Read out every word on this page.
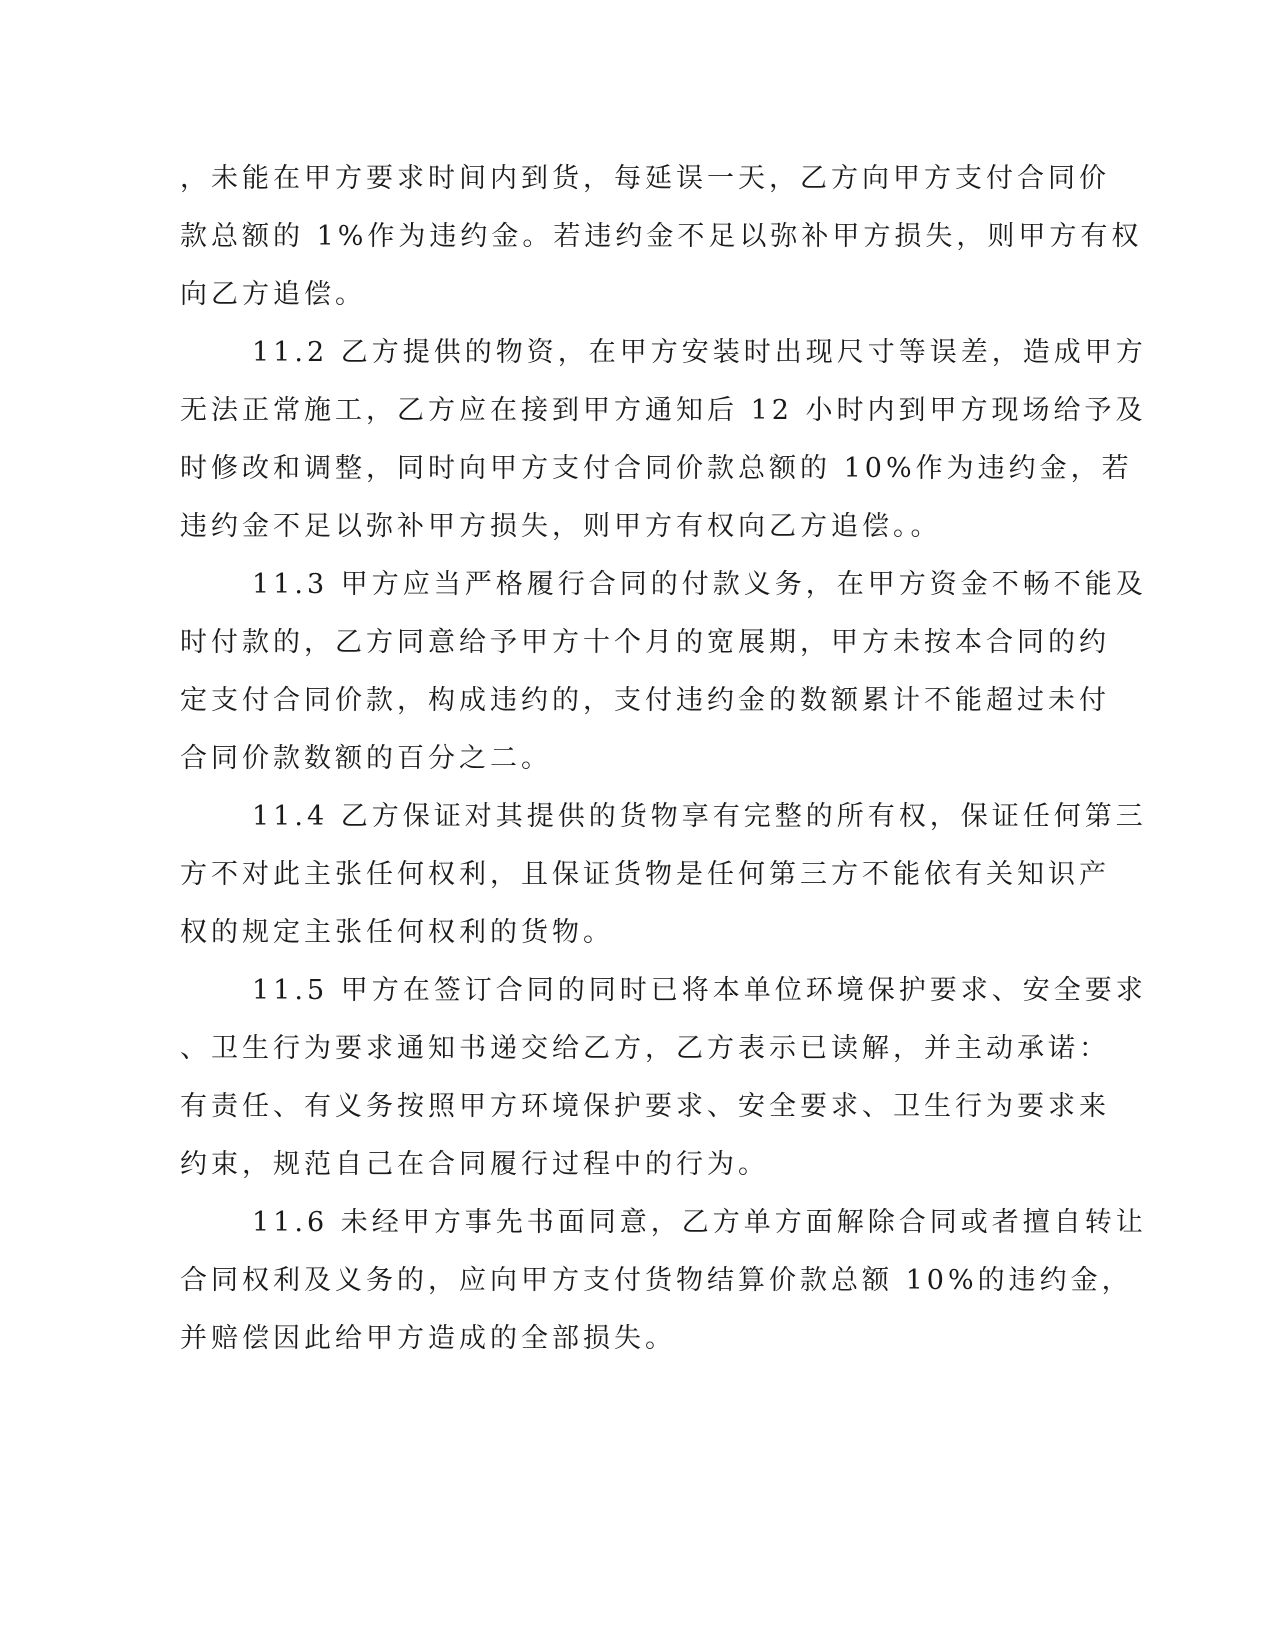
，未能在甲方要求时间内到货，每延误一天，乙方向甲方支付合同价
款总额的 1%作为违约金。若违约金不足以弥补甲方损失，则甲方有权
向乙方追偿。
11.2 乙方提供的物资，在甲方安装时出现尺寸等误差，造成甲方
无法正常施工，乙方应在接到甲方通知后 12 小时内到甲方现场给予及
时修改和调整，同时向甲方支付合同价款总额的 10%作为违约金，若
违约金不足以弥补甲方损失，则甲方有权向乙方追偿。。
11.3 甲方应当严格履行合同的付款义务，在甲方资金不畅不能及
时付款的，乙方同意给予甲方十个月的宽展期，甲方未按本合同的约
定支付合同价款，构成违约的，支付违约金的数额累计不能超过未付
合同价款数额的百分之二。
11.4 乙方保证对其提供的货物享有完整的所有权，保证任何第三
方不对此主张任何权利，且保证货物是任何第三方不能依有关知识产
权的规定主张任何权利的货物。
11.5 甲方在签订合同的同时已将本单位环境保护要求、安全要求
、卫生行为要求通知书递交给乙方，乙方表示已读解，并主动承诺：
有责任、有义务按照甲方环境保护要求、安全要求、卫生行为要求来
约束，规范自己在合同履行过程中的行为。
11.6 未经甲方事先书面同意，乙方单方面解除合同或者擅自转让
合同权利及义务的，应向甲方支付货物结算价款总额 10%的违约金，
并赔偿因此给甲方造成的全部损失。
